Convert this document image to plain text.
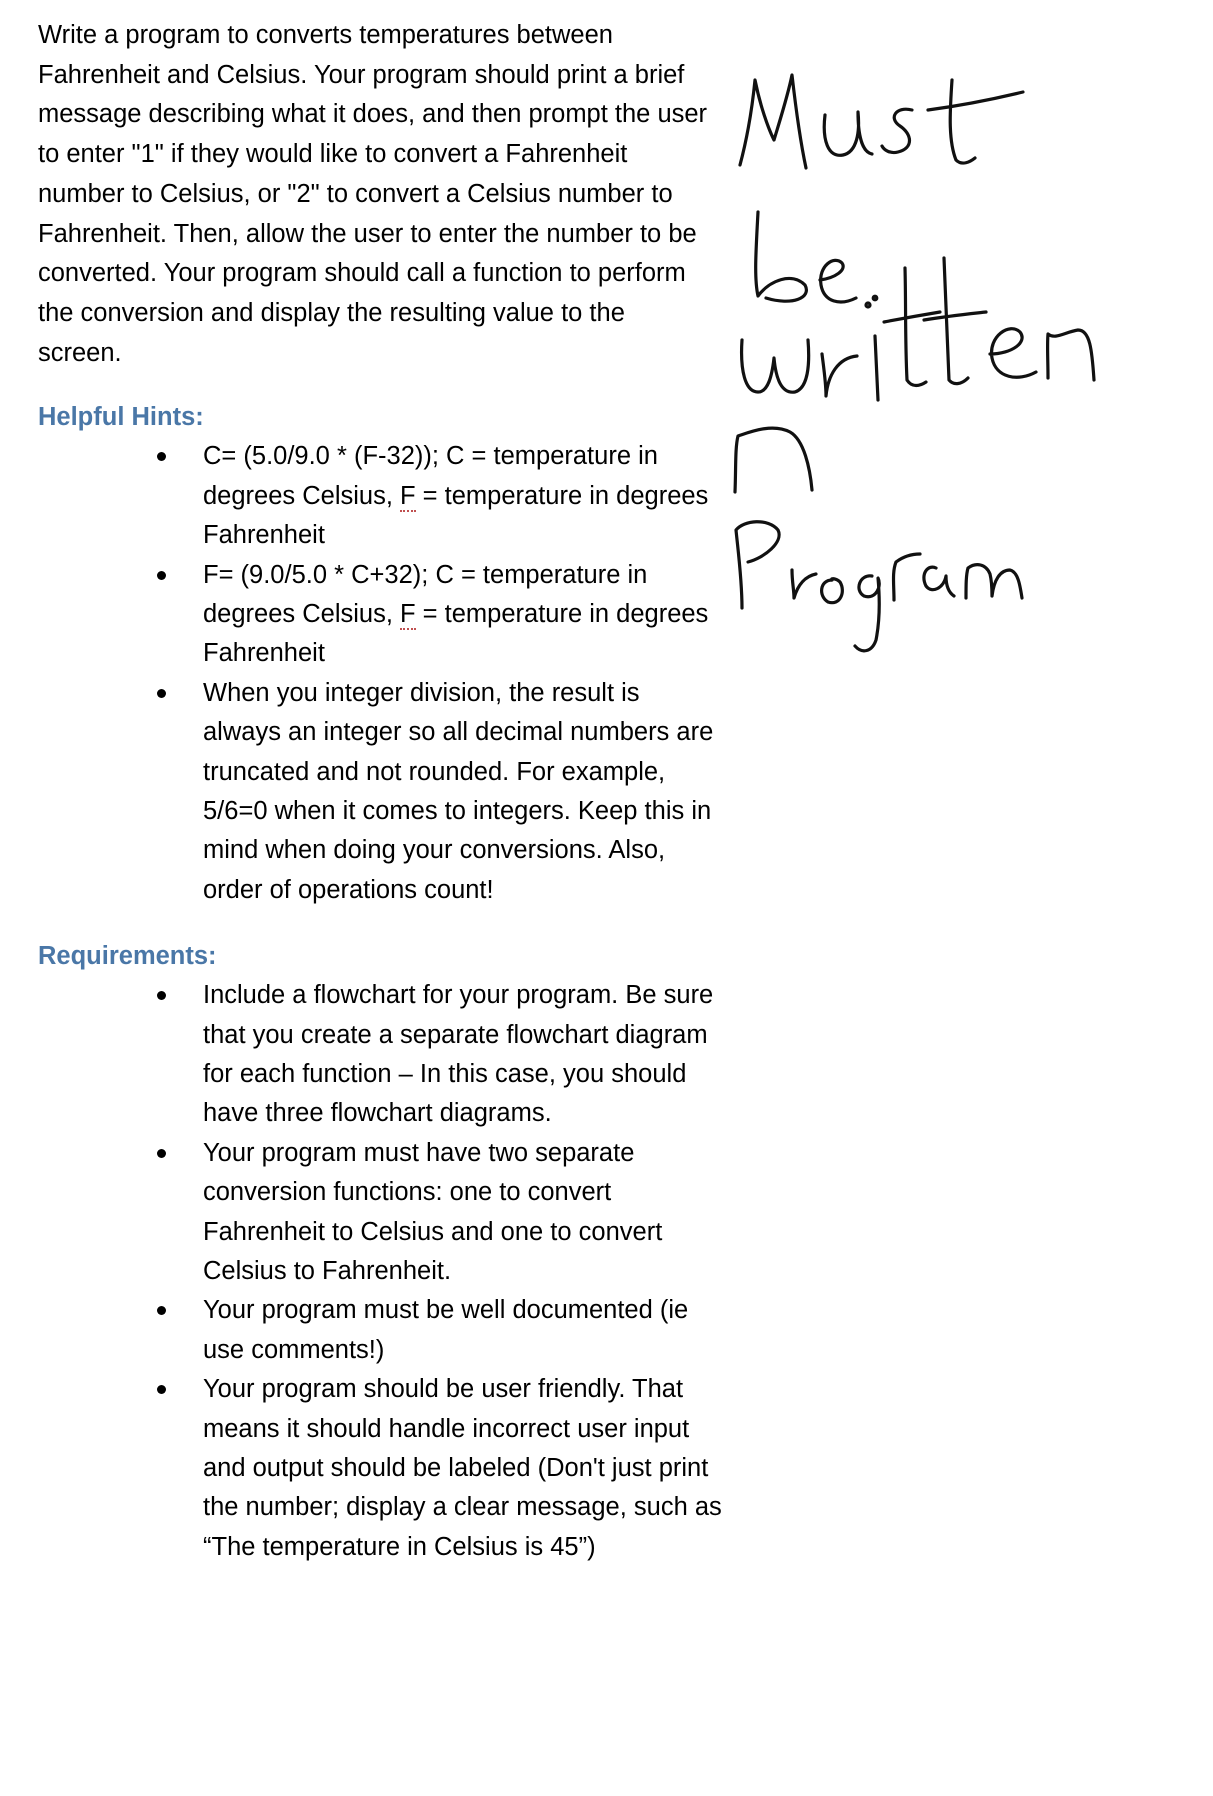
Write a program to converts temperatures between Fahrenheit and Celsius. Your program should print a brief message describing what it does, and then prompt the user to enter "1" if they would like to convert a Fahrenheit number to Celsius, or "2" to convert a Celsius number to Fahrenheit. Then, allow the user to enter the number to be converted. Your program should call a function to perform the conversion and display the resulting value to the screen.

Helpful Hints:
C= (5.0/9.0 * (F-32)); C = temperature in degrees Celsius, F = temperature in degrees Fahrenheit
F= (9.0/5.0 * C+32); C = temperature in degrees Celsius, F = temperature in degrees Fahrenheit
When you integer division, the result is always an integer so all decimal numbers are truncated and not rounded. For example, 5/6=0 when it comes to integers. Keep this in mind when doing your conversions. Also, order of operations count!
Requirements:
Include a flowchart for your program. Be sure that you create a separate flowchart diagram for each function – In this case, you should have three flowchart diagrams.
Your program must have two separate conversion functions: one to convert Fahrenheit to Celsius and one to convert Celsius to Fahrenheit.
Your program must be well documented (ie use comments!)
Your program should be user friendly. That means it should handle incorrect user input and output should be labeled (Don't just print the number; display a clear message, such as “The temperature in Celsius is 45”)
